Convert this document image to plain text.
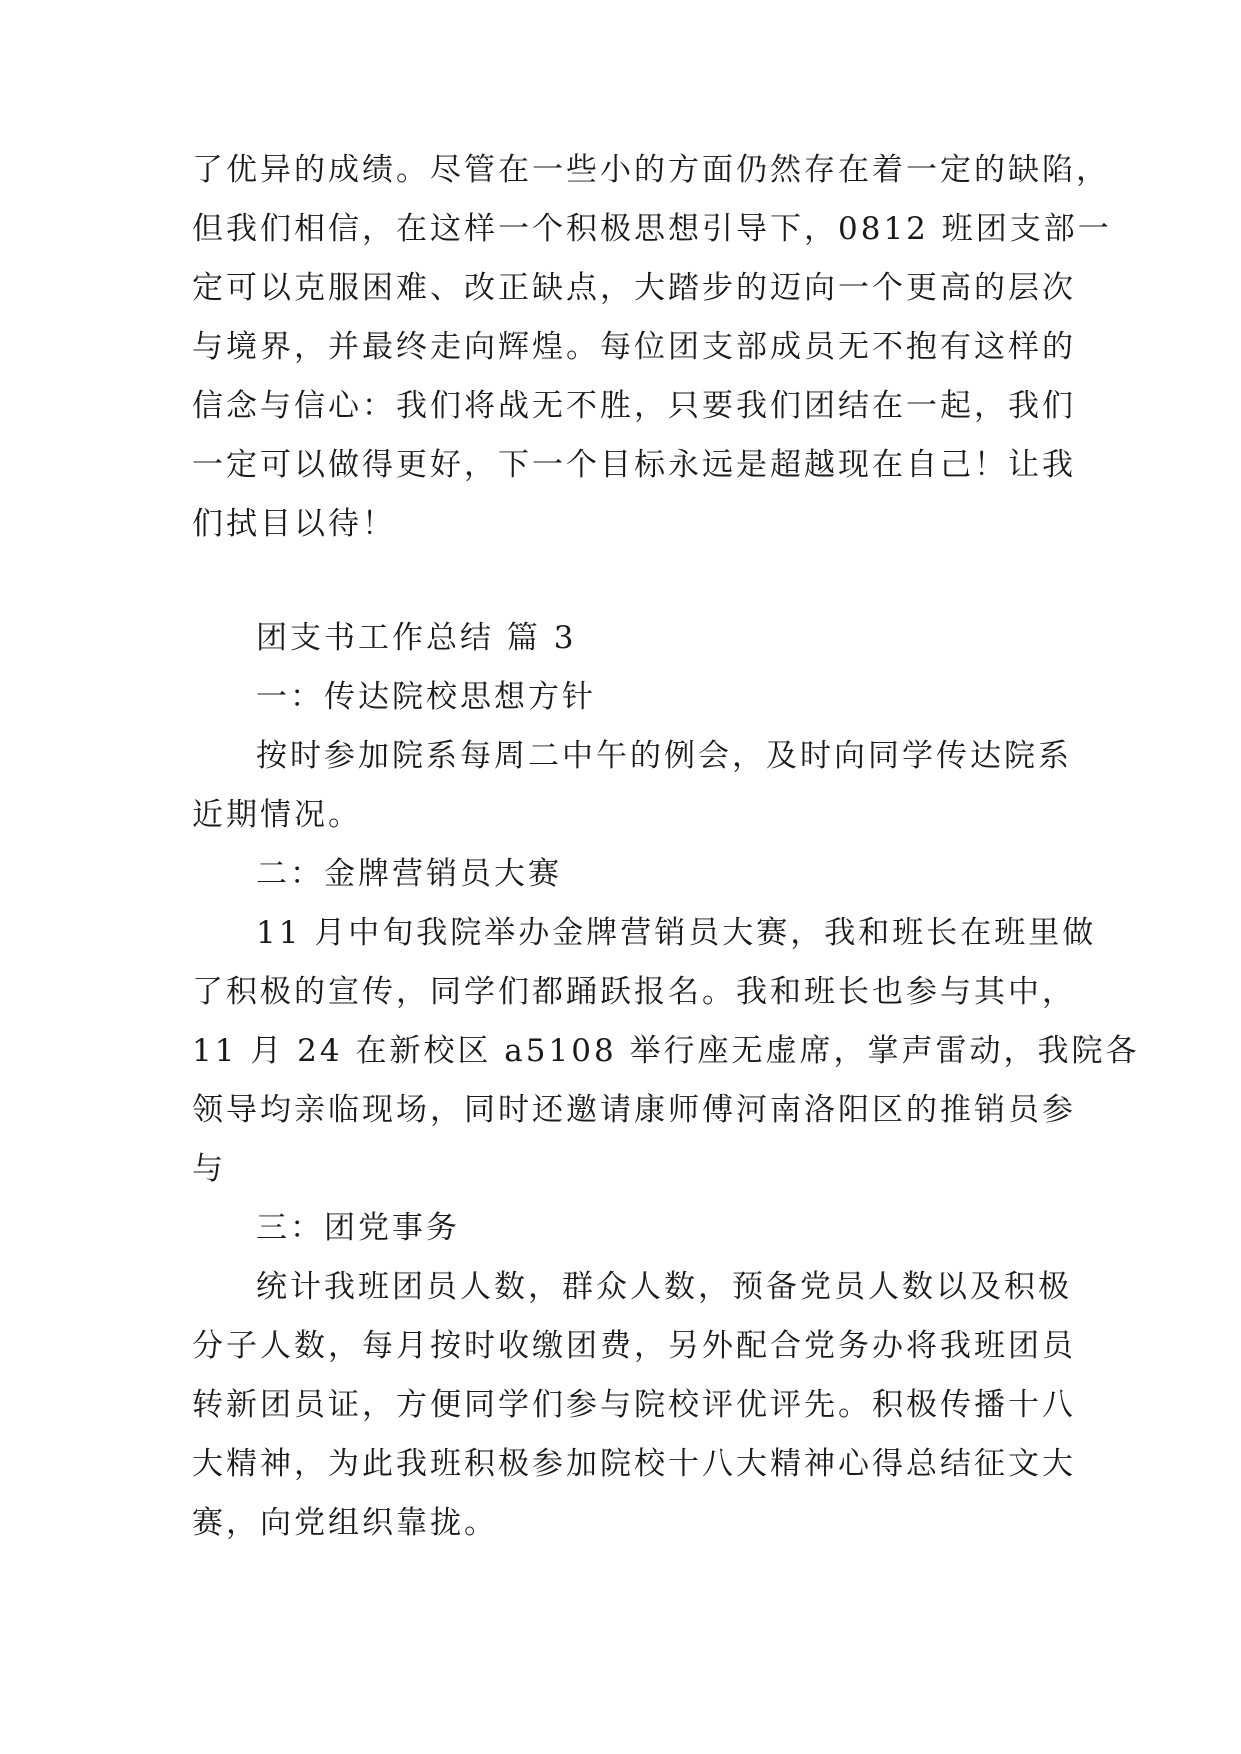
了优异的成绩。尽管在一些小的方面仍然存在着一定的缺陷，
但我们相信，在这样一个积极思想引导下，0812 班团支部一
定可以克服困难、改正缺点，大踏步的迈向一个更高的层次
与境界，并最终走向辉煌。每位团支部成员无不抱有这样的
信念与信心：我们将战无不胜，只要我们团结在一起，我们
一定可以做得更好，下一个目标永远是超越现在自己！让我
们拭目以待！
团支书工作总结 篇 3
一：传达院校思想方针
按时参加院系每周二中午的例会，及时向同学传达院系
近期情况。
二：金牌营销员大赛
11 月中旬我院举办金牌营销员大赛，我和班长在班里做
了积极的宣传，同学们都踊跃报名。我和班长也参与其中，
11 月 24 在新校区 a5108 举行座无虚席，掌声雷动，我院各
领导均亲临现场，同时还邀请康师傅河南洛阳区的推销员参
与
三：团党事务
统计我班团员人数，群众人数，预备党员人数以及积极
分子人数，每月按时收缴团费，另外配合党务办将我班团员
转新团员证，方便同学们参与院校评优评先。积极传播十八
大精神，为此我班积极参加院校十八大精神心得总结征文大
赛，向党组织靠拢。
